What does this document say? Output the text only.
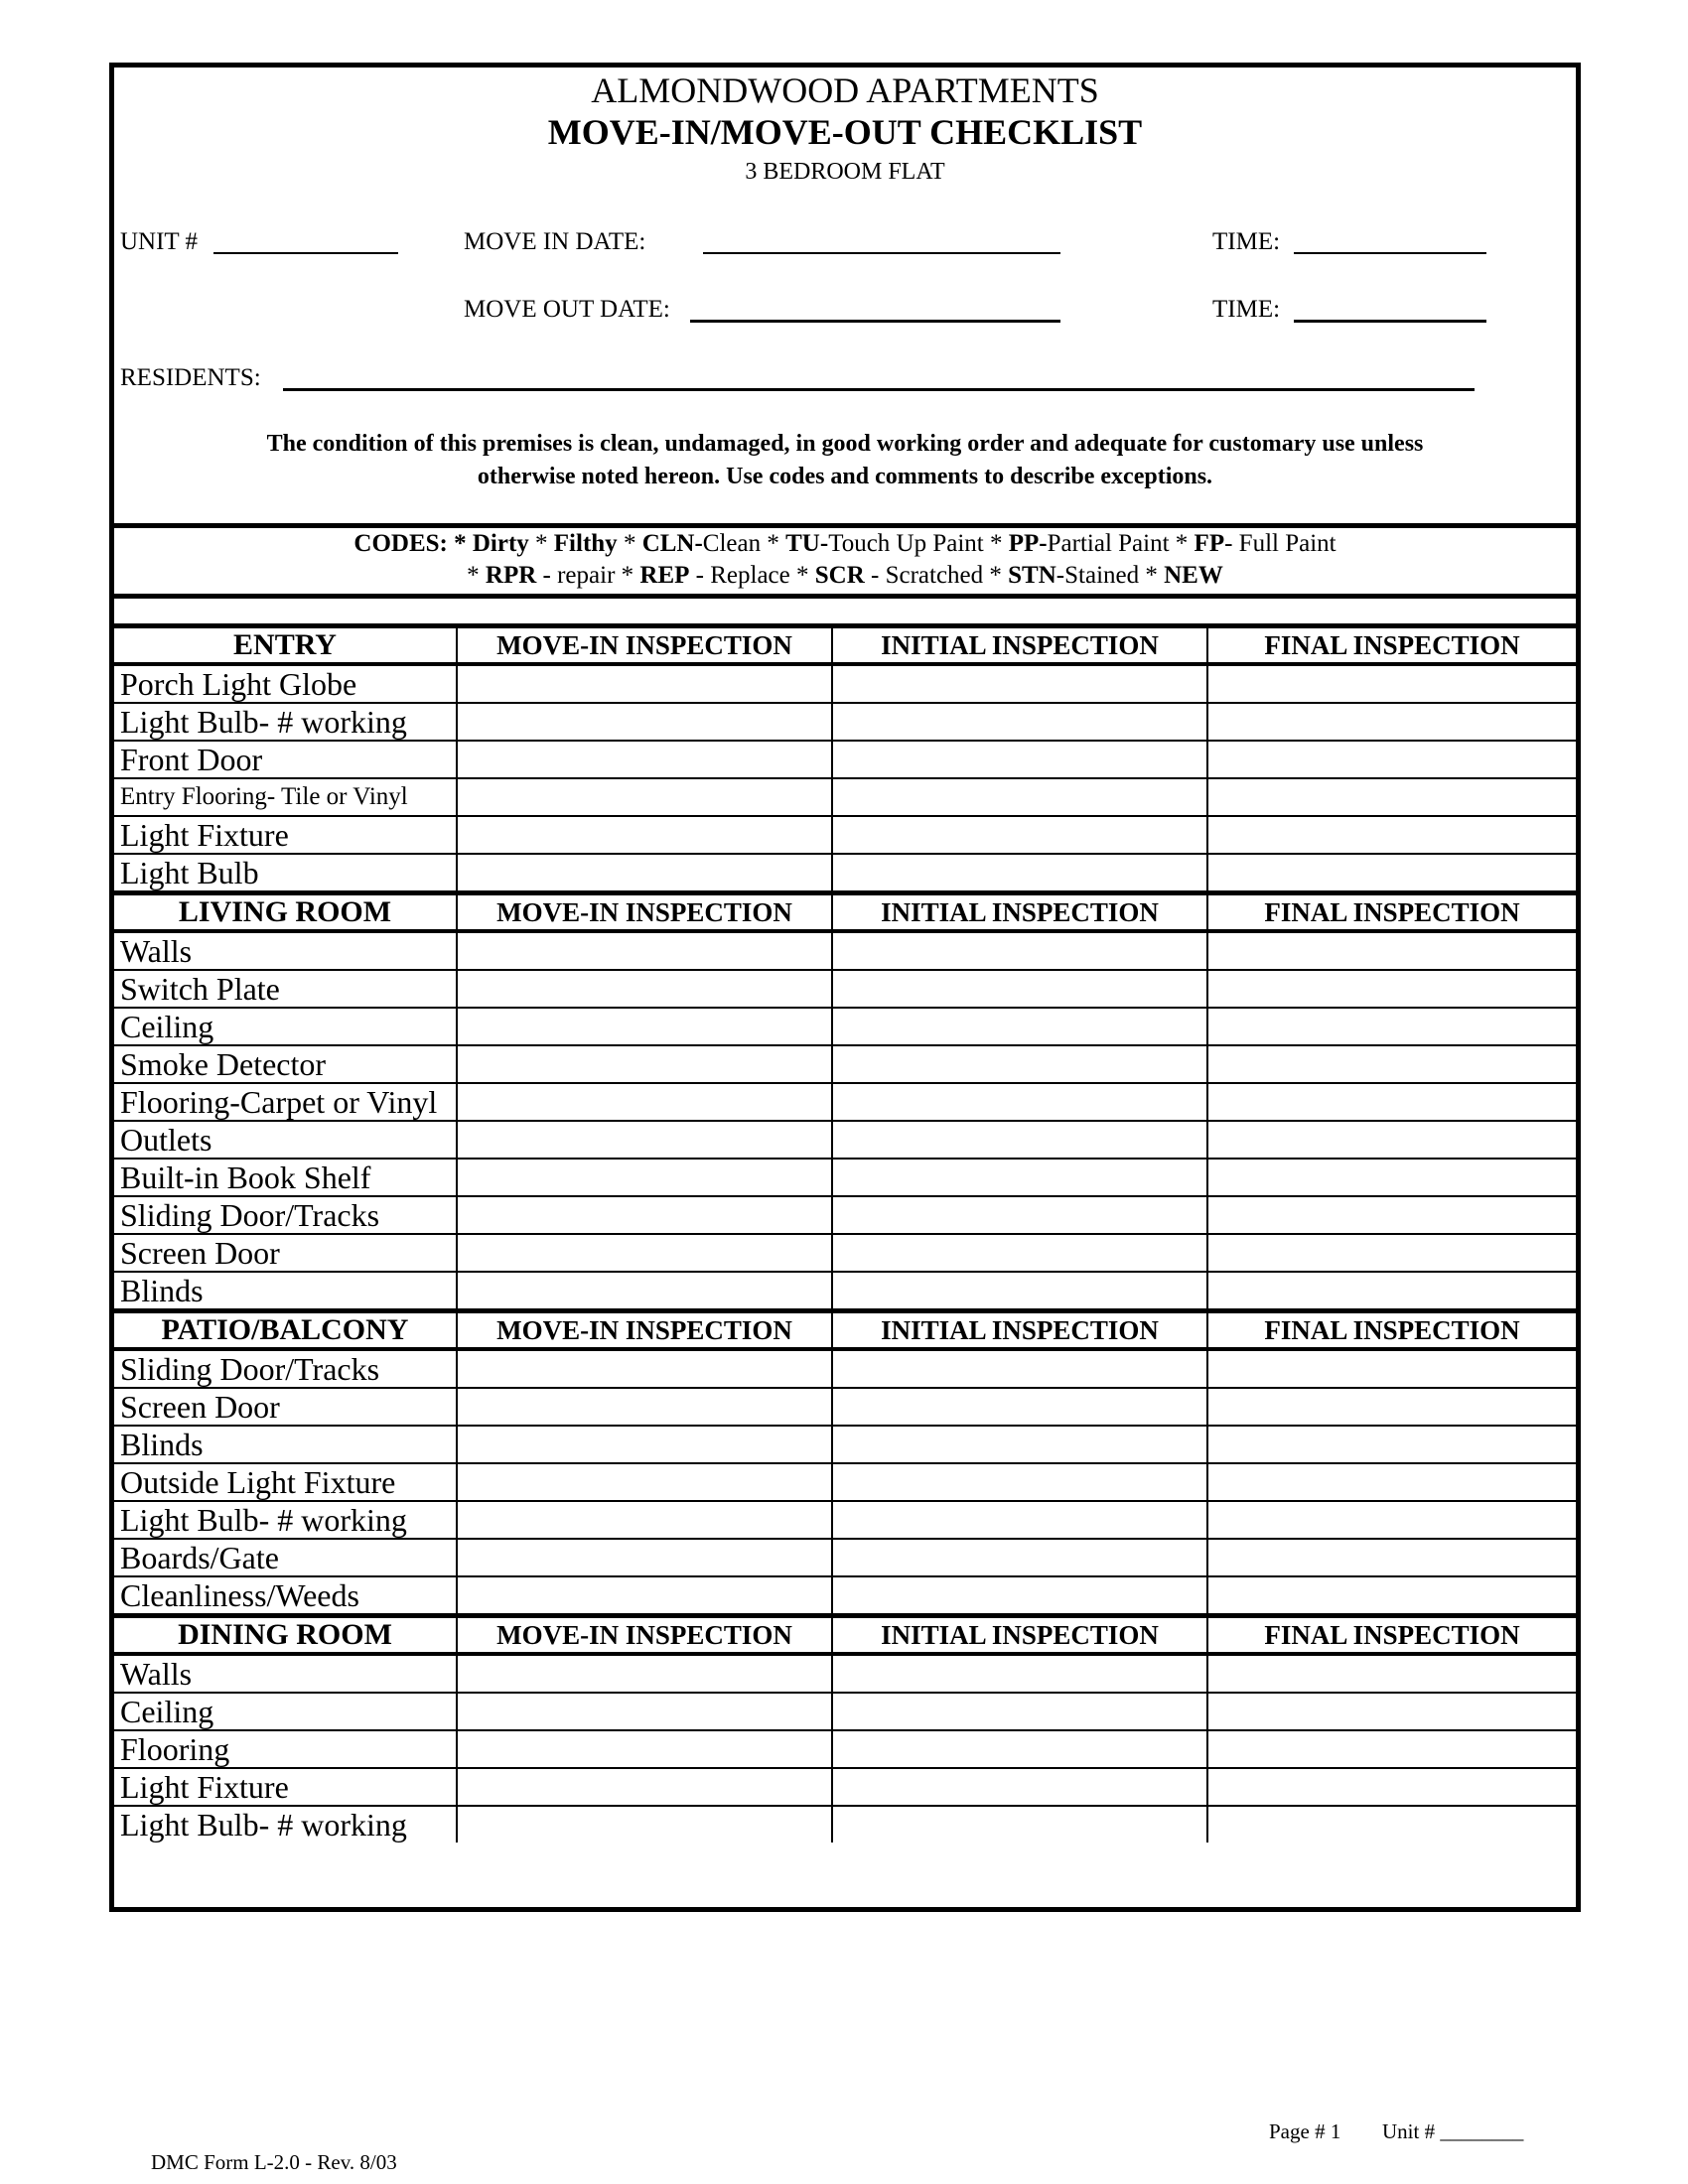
ALMONDWOOD APARTMENTS
MOVE-IN/MOVE-OUT CHECKLIST
3 BEDROOM FLAT
UNIT #	MOVE IN DATE:	TIME:
MOVE OUT DATE:	TIME:
RESIDENTS:
The condition of this premises is clean, undamaged, in good working order and adequate for customary use unless
otherwise noted hereon. Use codes and comments to describe exceptions.
CODES: * Dirty * Filthy * CLN-Clean * TU-Touch Up Paint * PP-Partial Paint * FP- Full Paint
* RPR - repair * REP - Replace * SCR - Scratched * STN-Stained * NEW
ENTRY	MOVE-IN INSPECTION	INITIAL INSPECTION	FINAL INSPECTION
Porch Light Globe			
Light Bulb- # working			
Front Door			
Entry Flooring- Tile or Vinyl			
Light Fixture			
Light Bulb			
LIVING ROOM	MOVE-IN INSPECTION	INITIAL INSPECTION	FINAL INSPECTION
Walls			
Switch Plate			
Ceiling			
Smoke Detector			
Flooring-Carpet or Vinyl			
Outlets			
Built-in Book Shelf			
Sliding Door/Tracks			
Screen Door			
Blinds			
PATIO/BALCONY	MOVE-IN INSPECTION	INITIAL INSPECTION	FINAL INSPECTION
Sliding Door/Tracks			
Screen Door			
Blinds			
Outside Light Fixture			
Light Bulb- # working			
Boards/Gate			
Cleanliness/Weeds			
DINING ROOM	MOVE-IN INSPECTION	INITIAL INSPECTION	FINAL INSPECTION
Walls			
Ceiling			
Flooring			
Light Fixture			
Light Bulb- # working			
Page # 1 Unit # ________
DMC Form L-2.0 - Rev. 8/03
